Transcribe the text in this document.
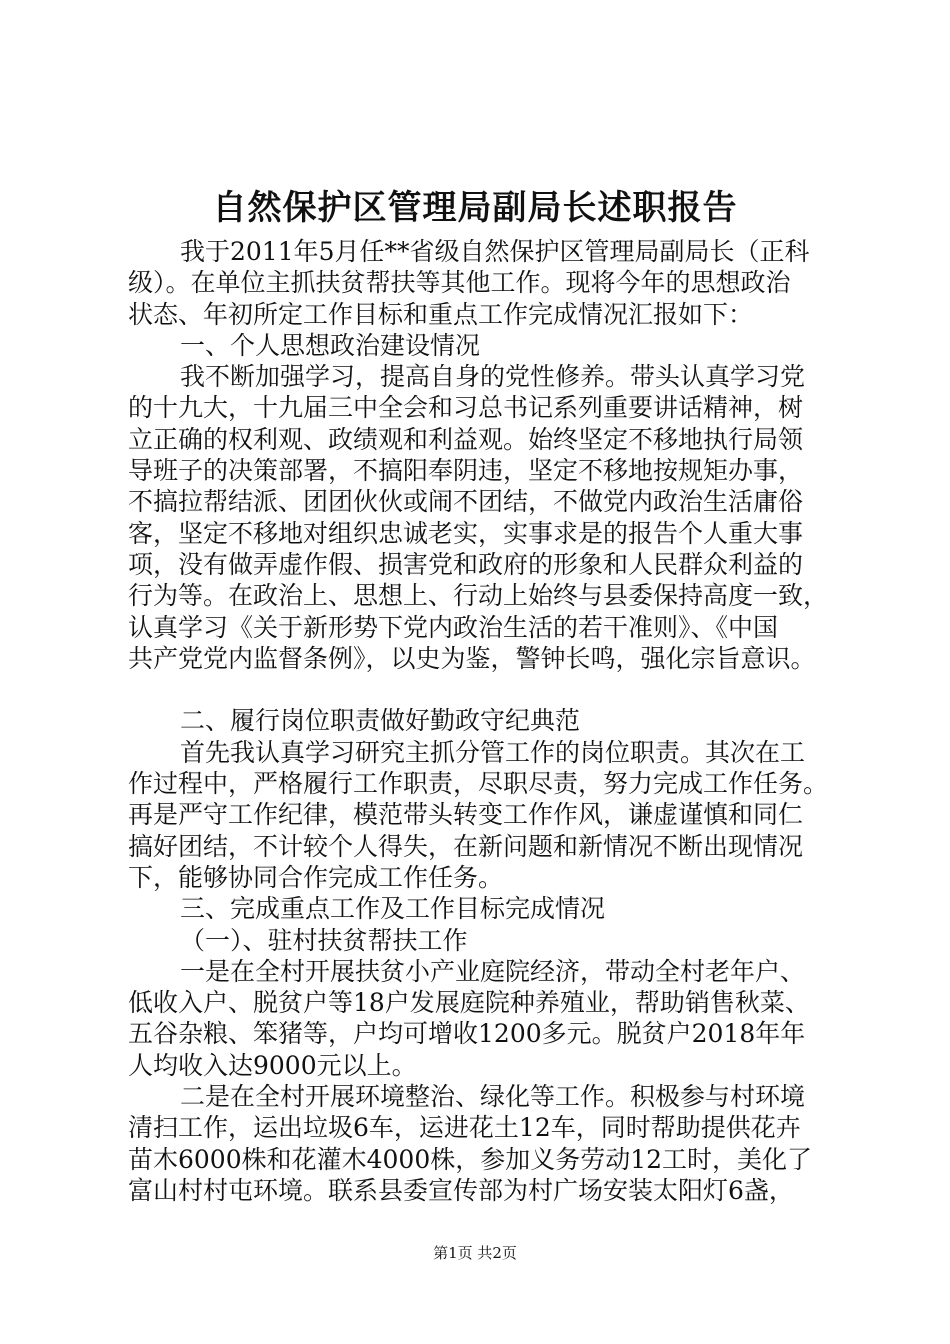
自然保护区管理局副局长述职报告
我于2011年5月任**省级自然保护区管理局副局长（正科
级）。在单位主抓扶贫帮扶等其他工作。现将今年的思想政治
状态、年初所定工作目标和重点工作完成情况汇报如下：
一、个人思想政治建设情况
我不断加强学习，提高自身的党性修养。带头认真学习党
的十九大，十九届三中全会和习总书记系列重要讲话精神，树
立正确的权利观、政绩观和利益观。始终坚定不移地执行局领
导班子的决策部署，不搞阳奉阴违，坚定不移地按规矩办事，
不搞拉帮结派、团团伙伙或闹不团结，不做党内政治生活庸俗
客，坚定不移地对组织忠诚老实，实事求是的报告个人重大事
项，没有做弄虚作假、损害党和政府的形象和人民群众利益的
行为等。在政治上、思想上、行动上始终与县委保持高度一致，
认真学习《关于新形势下党内政治生活的若干准则》、《中国
共产党党内监督条例》，以史为鉴，警钟长鸣，强化宗旨意识。
二、履行岗位职责做好勤政守纪典范
首先我认真学习研究主抓分管工作的岗位职责。其次在工
作过程中，严格履行工作职责，尽职尽责，努力完成工作任务。
再是严守工作纪律，模范带头转变工作作风，谦虚谨慎和同仁
搞好团结，不计较个人得失，在新问题和新情况不断出现情况
下，能够协同合作完成工作任务。
三、完成重点工作及工作目标完成情况
（一）、驻村扶贫帮扶工作
一是在全村开展扶贫小产业庭院经济，带动全村老年户、
低收入户、脱贫户等18户发展庭院种养殖业，帮助销售秋菜、
五谷杂粮、笨猪等，户均可增收1200多元。脱贫户2018年年
人均收入达9000元以上。
二是在全村开展环境整治、绿化等工作。积极参与村环境
清扫工作，运出垃圾6车，运进花土12车，同时帮助提供花卉
苗木6000株和花灌木4000株，参加义务劳动12工时，美化了
富山村村屯环境。联系县委宣传部为村广场安装太阳灯6盏，
第1页 共2页
